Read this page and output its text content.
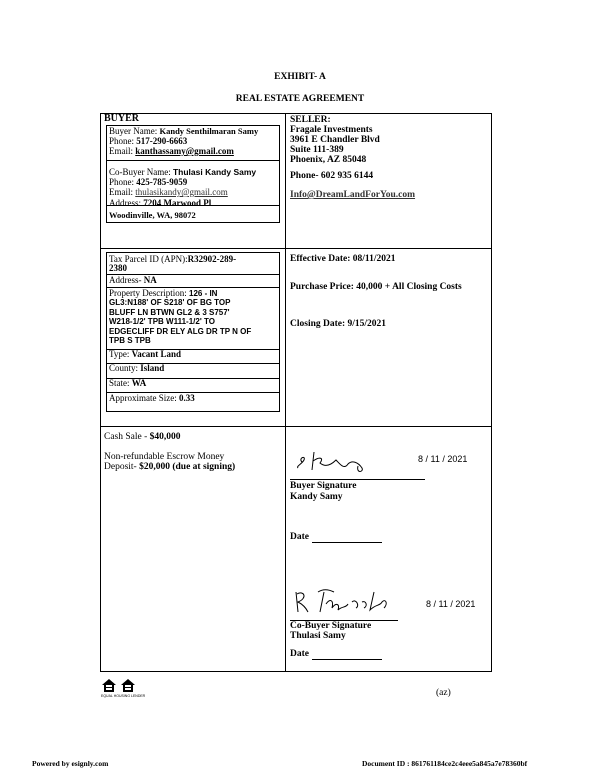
EXHIBIT- A
REAL ESTATE AGREEMENT
BUYER
Buyer Name: Kandy Senthilmaran Samy
Phone: 517-290-6663
Email: kanthassamy@gmail.com
Co-Buyer Name: Thulasi Kandy Samy
Phone: 425-785-9059
Email: thulasikandy@gmail.com
Address: 7204 Marwood Pl
Woodinville, WA, 98072
SELLER:
Fragale Investments
3961 E Chandler Blvd
Suite 111-389
Phoenix, AZ 85048
Phone- 602 935 6144
Info@DreamLandForYou.com
Tax Parcel ID (APN):R32902-289-
2380
Address- NA
Property Description: 126 - IN
GL3:N188' OF S218' OF BG TOP
BLUFF LN BTWN GL2 & 3 S757'
W218-1/2' TPB W111-1/2' TO
EDGECLIFF DR ELY ALG DR TP N OF
TPB S TPB
Type: Vacant Land
County: Island
State: WA
Approximate Size: 0.33
Effective Date: 08/11/2021
Purchase Price: 40,000 + All Closing Costs
Closing Date: 9/15/2021
Cash Sale - $40,000
Non-refundable Escrow Money
Deposit- $20,000 (due at signing)
8 / 11 / 2021
Buyer Signature
Kandy Samy
Date
8 / 11 / 2021
Co-Buyer Signature
Thulasi Samy
Date
EQUAL HOUSING LENDER	(az)
Powered by esignly.com	Document ID : 861761184ce2c4eee5a845a7e78360bf
